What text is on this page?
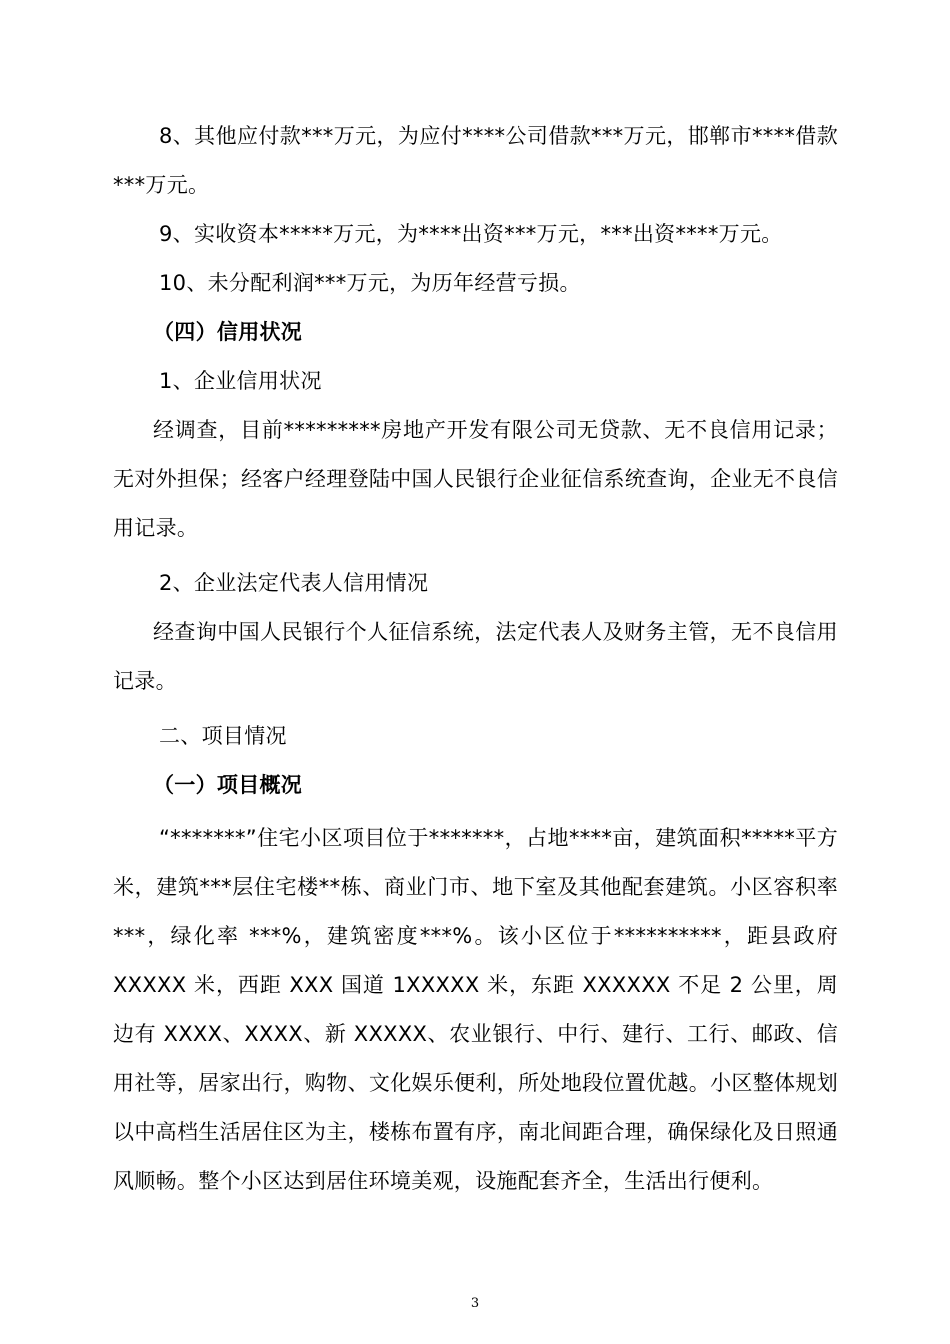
8、其他应付款***万元，为应付****公司借款***万元，邯郸市****借款***万元。

9、实收资本*****万元，为****出资***万元，***出资****万元。

10、未分配利润***万元，为历年经营亏损。

（四）信用状况

1、企业信用状况

经调查，目前*********房地产开发有限公司无贷款、无不良信用记录；无对外担保；经客户经理登陆中国人民银行企业征信系统查询，企业无不良信用记录。

2、企业法定代表人信用情况

经查询中国人民银行个人征信系统，法定代表人及财务主管，无不良信用记录。

二、项目情况

（一）项目概况

“*******”住宅小区项目位于*******，占地****亩，建筑面积*****平方米，建筑***层住宅楼**栋、商业门市、地下室及其他配套建筑。小区容积率***，绿化率 ***%，建筑密度***%。该小区位于**********，距县政府 XXXXX 米，西距 XXX 国道 1XXXXX 米，东距 XXXXXX 不足 2 公里，周边有 XXXX、XXXX、新 XXXXX、农业银行、中行、建行、工行、邮政、信用社等，居家出行，购物、文化娱乐便利，所处地段位置优越。小区整体规划以中高档生活居住区为主，楼栋布置有序，南北间距合理，确保绿化及日照通风顺畅。整个小区达到居住环境美观，设施配套齐全，生活出行便利。

3
